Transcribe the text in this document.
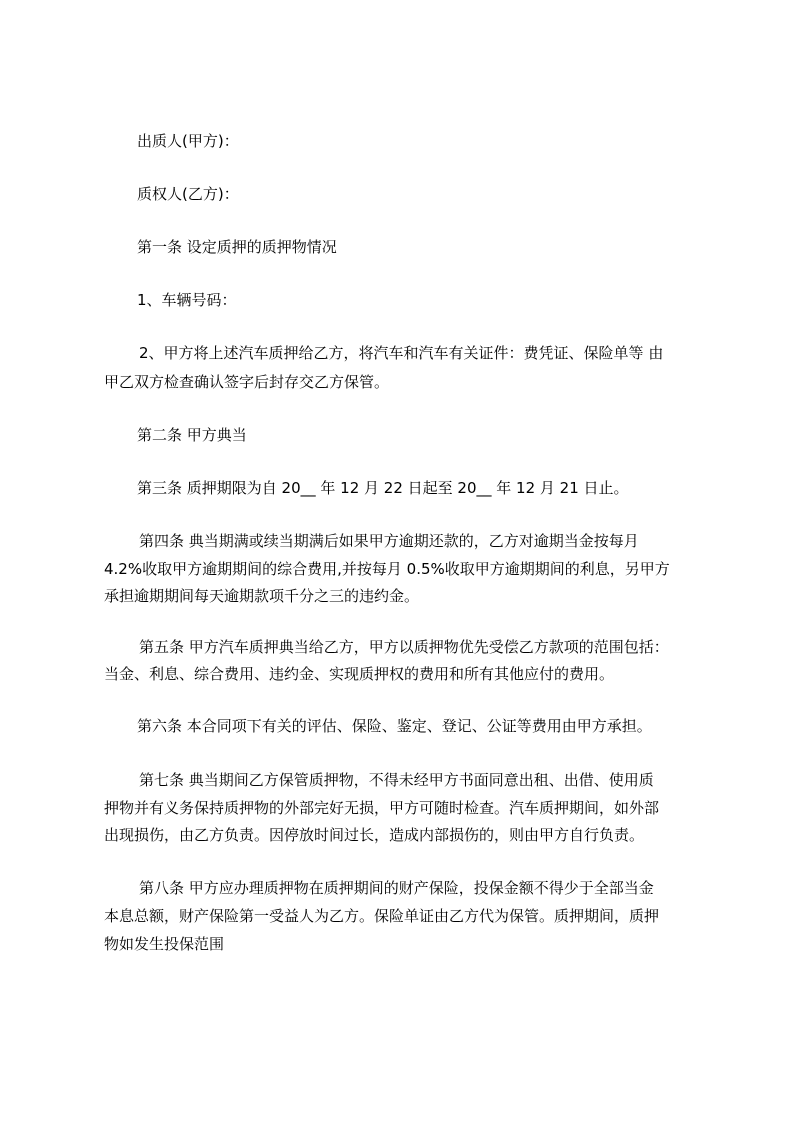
出质人(甲方)：
质权人(乙方)：
第一条 设定质押的质押物情况
1、车辆号码：
2、甲方将上述汽车质押给乙方，将汽车和汽车有关证件：费凭证、保险单等 由
甲乙双方检查确认签字后封存交乙方保管。
第二条 甲方典当
第三条 质押期限为自 20__ 年 12 月 22 日起至 20__ 年 12 月 21 日止。
第四条 典当期满或续当期满后如果甲方逾期还款的，乙方对逾期当金按每月
4.2%收取甲方逾期期间的综合费用,并按每月 0.5%收取甲方逾期期间的利息，另甲方
承担逾期期间每天逾期款项千分之三的违约金。
第五条 甲方汽车质押典当给乙方，甲方以质押物优先受偿乙方款项的范围包括：
当金、利息、综合费用、违约金、实现质押权的费用和所有其他应付的费用。
第六条 本合同项下有关的评估、保险、鉴定、登记、公证等费用由甲方承担。
第七条 典当期间乙方保管质押物，不得未经甲方书面同意出租、出借、使用质
押物并有义务保持质押物的外部完好无损，甲方可随时检查。汽车质押期间，如外部
出现损伤，由乙方负责。因停放时间过长，造成内部损伤的，则由甲方自行负责。
第八条 甲方应办理质押物在质押期间的财产保险，投保金额不得少于全部当金
本息总额，财产保险第一受益人为乙方。保险单证由乙方代为保管。质押期间，质押
物如发生投保范围
